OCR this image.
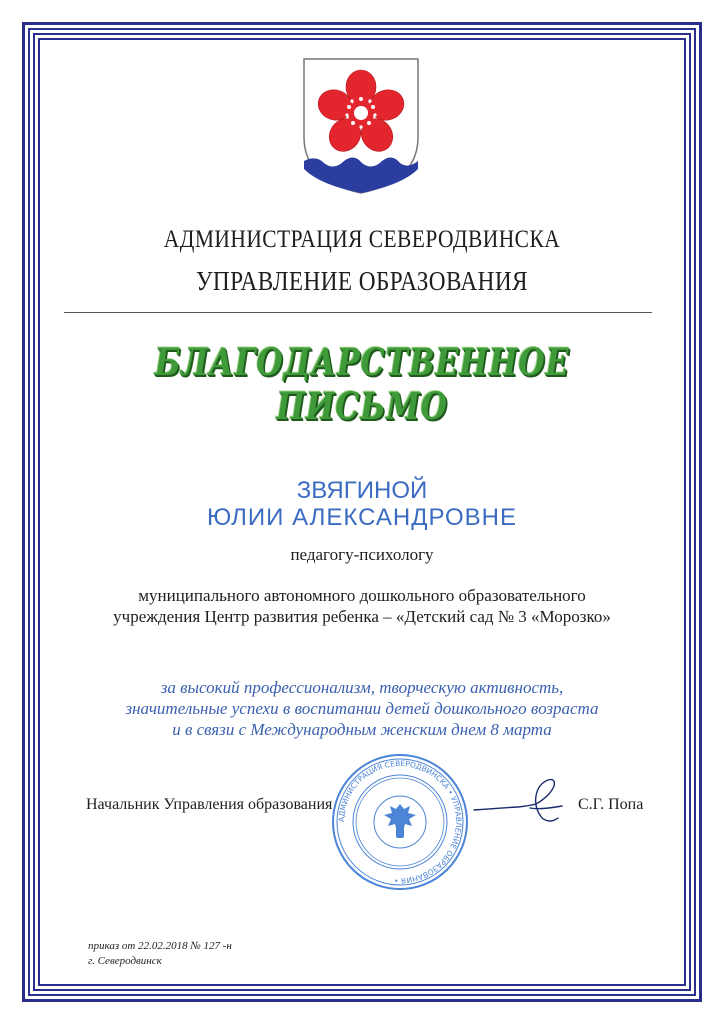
АДМИНИСТРАЦИЯ СЕВЕРОДВИНСКА
УПРАВЛЕНИЕ ОБРАЗОВАНИЯ
БЛАГОДАРСТВЕННОЕ ПИСЬМО
ЗВЯГИНОЙ
ЮЛИИ АЛЕКСАНДРОВНЕ
педагогу-психологу
муниципального автономного дошкольного образовательного
учреждения Центр развития ребенка – «Детский сад № 3 «Морозко»
за высокий профессионализм, творческую активность,
значительные успехи в воспитании детей дошкольного возраста
и в связи с Международным женским днем 8 марта
АДМИНИСТРАЦИЯ СЕВЕРОДВИНСКА • УПРАВЛЕНИЕ ОБРАЗОВАНИЯ •
Начальник Управления образования	С.Г. Попа
приказ от 22.02.2018 № 127 -н
г. Северодвинск
